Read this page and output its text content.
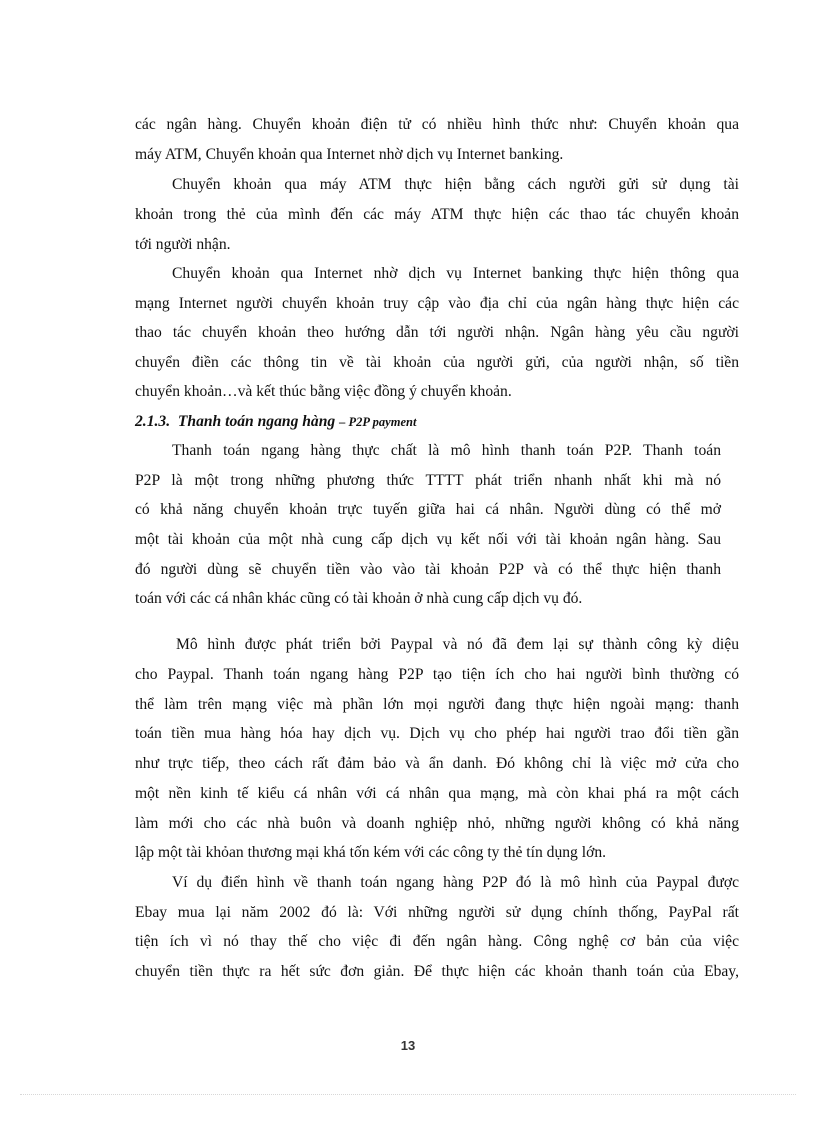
các ngân hàng. Chuyển khoản điện tử có nhiều hình thức như: Chuyển khoản qua
máy ATM, Chuyển khoản qua Internet nhờ dịch vụ Internet banking.
Chuyển khoản qua máy ATM thực hiện bằng cách người gửi sử dụng tài
khoản trong thẻ của mình đến các máy ATM thực hiện các thao tác chuyển khoản
tới người nhận.
Chuyển khoản qua Internet nhờ dịch vụ Internet banking thực hiện thông qua
mạng Internet người chuyển khoản truy cập vào địa chỉ của ngân hàng thực hiện các
thao tác chuyển khoản theo hướng dẫn tới người nhận. Ngân hàng yêu cầu người
chuyển điền các thông tin về tài khoản của người gửi, của người nhận, số tiền
chuyển khoản…và kết thúc bằng việc đồng ý chuyển khoản.
2.1.3. Thanh toán ngang hàng – P2P payment
Thanh toán ngang hàng thực chất là mô hình thanh toán P2P. Thanh toán
P2P là một trong những phương thức TTTT phát triển nhanh nhất khi mà nó
có khả năng chuyển khoản trực tuyến giữa hai cá nhân. Người dùng có thể mở
một tài khoản của một nhà cung cấp dịch vụ kết nối với tài khoản ngân hàng. Sau
đó người dùng sẽ chuyển tiền vào vào tài khoản P2P và có thể thực hiện thanh
toán với các cá nhân khác cũng có tài khoản ở nhà cung cấp dịch vụ đó.
Mô hình được phát triển bởi Paypal và nó đã đem lại sự thành công kỳ diệu
cho Paypal. Thanh toán ngang hàng P2P tạo tiện ích cho hai người bình thường có
thể làm trên mạng việc mà phần lớn mọi người đang thực hiện ngoài mạng: thanh
toán tiền mua hàng hóa hay dịch vụ. Dịch vụ cho phép hai người trao đổi tiền gần
như trực tiếp, theo cách rất đảm bảo và ẩn danh. Đó không chỉ là việc mở cửa cho
một nền kinh tế kiểu cá nhân với cá nhân qua mạng, mà còn khai phá ra một cách
làm mới cho các nhà buôn và doanh nghiệp nhỏ, những người không có khả năng
lập một tài khỏan thương mại khá tốn kém với các công ty thẻ tín dụng lớn.
Ví dụ điển hình về thanh toán ngang hàng P2P đó là mô hình của Paypal được
Ebay mua lại năm 2002 đó là: Với những người sử dụng chính thống, PayPal rất
tiện ích vì nó thay thế cho việc đi đến ngân hàng. Công nghệ cơ bản của việc
chuyển tiền thực ra hết sức đơn giản. Để thực hiện các khoản thanh toán của Ebay,
13
